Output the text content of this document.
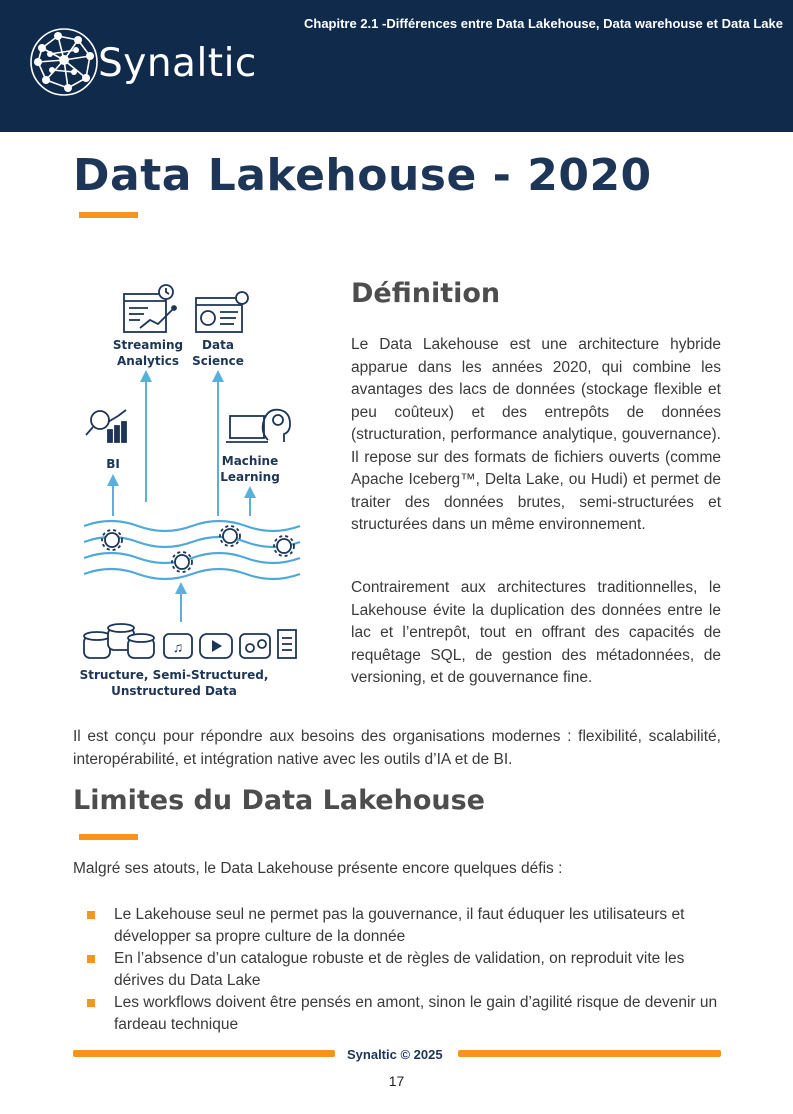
Synaltic
Chapitre 2.1 -Différences entre Data Lakehouse, Data warehouse et Data Lake
Data Lakehouse - 2020
Streaming
Analytics
Data
Science
BI	Machine
Learning
♫
Structure, Semi-Structured,
Unstructured Data
Définition

Le Data Lakehouse est une architecture hybride apparue dans les années 2020, qui combine les avantages des lacs de données (stockage flexible et peu coûteux) et des entrepôts de données (structuration, performance analytique, gouvernance). Il repose sur des formats de fichiers ouverts (comme Apache Iceberg™, Delta Lake, ou Hudi) et permet de traiter des données brutes, semi-structurées et structurées dans un même environnement.

Contrairement aux architectures traditionnelles, le Lakehouse évite la duplication des données entre le lac et l’entrepôt, tout en offrant des capacités de requêtage SQL, de gestion des métadonnées, de versioning, et de gouvernance fine.

Il est conçu pour répondre aux besoins des organisations modernes : flexibilité, scalabilité, interopérabilité, et intégration native avec les outils d’IA et de BI.

Limites du Data Lakehouse

Malgré ses atouts, le Data Lakehouse présente encore quelques défis :

Le Lakehouse seul ne permet pas la gouvernance, il faut éduquer les utilisateurs et développer sa propre culture de la donnée
En l’absence d’un catalogue robuste et de règles de validation, on reproduit vite les dérives du Data Lake
Les workflows doivent être pensés en amont, sinon le gain d’agilité risque de devenir un fardeau technique
Synaltic © 2025
17
